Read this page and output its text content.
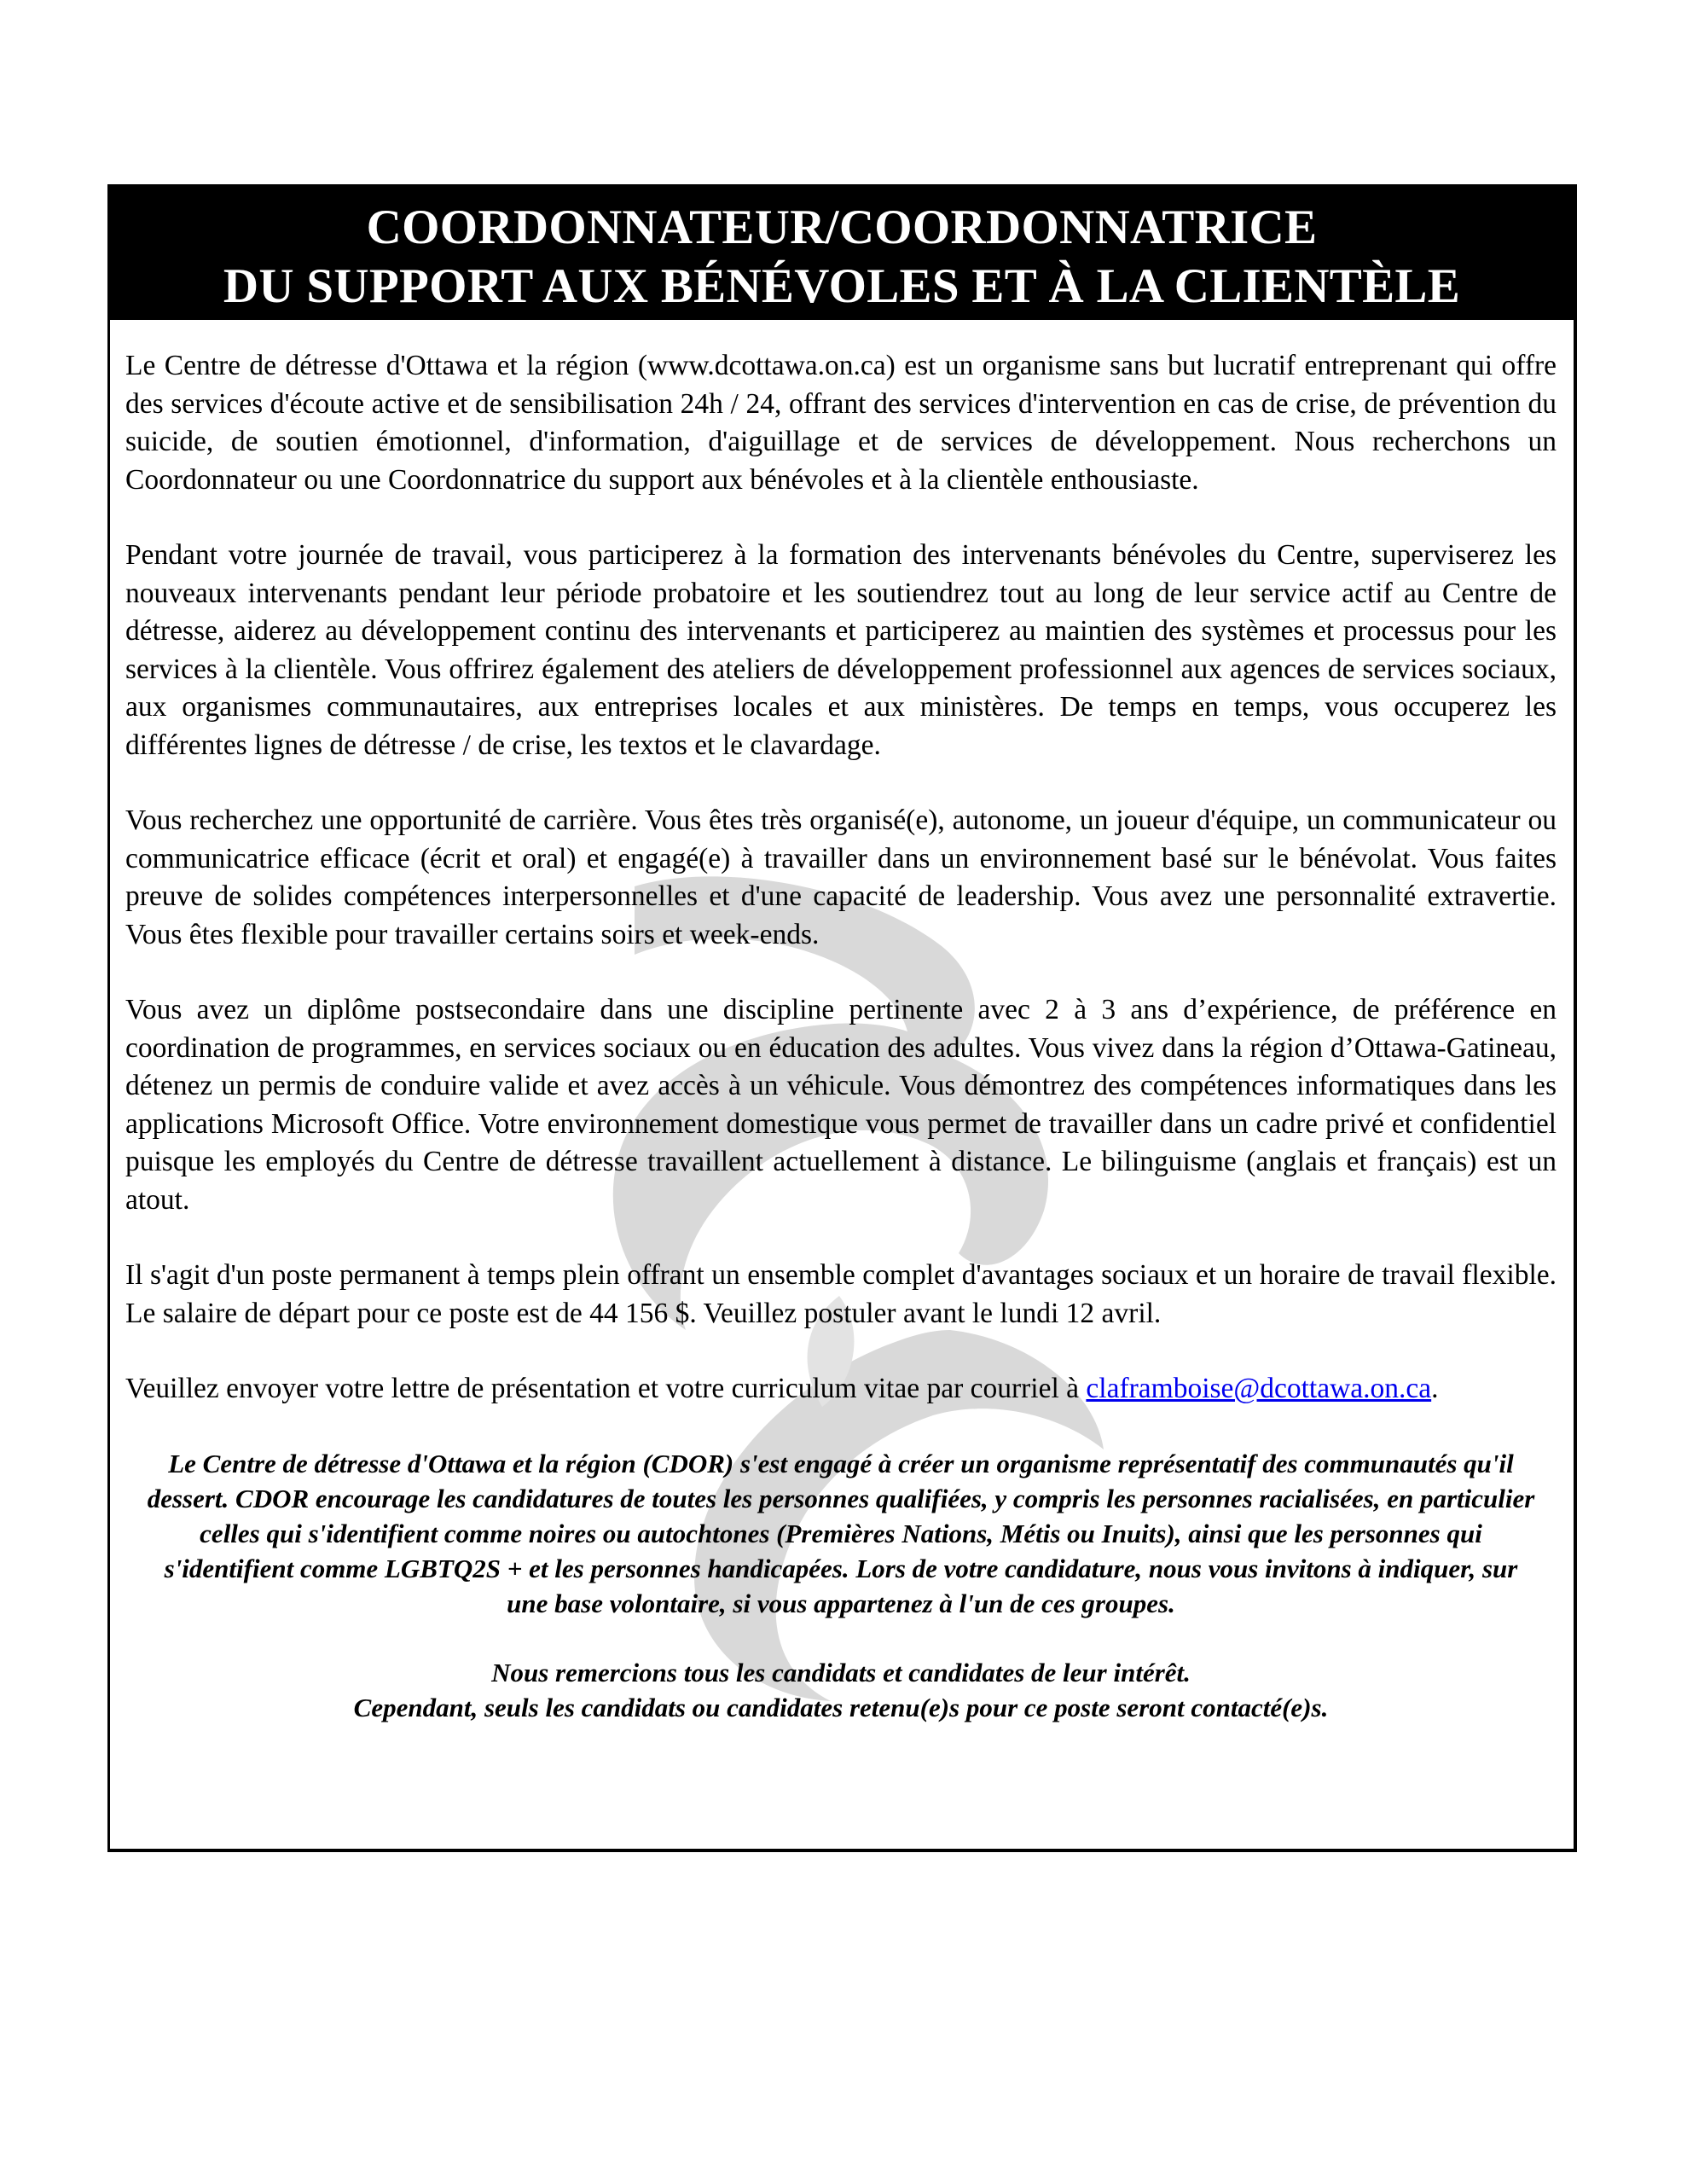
COORDONNATEUR/COORDONNATRICE
DU SUPPORT AUX BÉNÉVOLES ET À LA CLIENTÈLE

Le Centre de détresse d'Ottawa et la région (www.dcottawa.on.ca) est un organisme sans but lucratif entreprenant qui offre des services d'écoute active et de sensibilisation 24h / 24, offrant des services d'intervention en cas de crise, de prévention du suicide, de soutien émotionnel, d'information, d'aiguillage et de services de développement. Nous recherchons un Coordonnateur ou une Coordonnatrice du support aux bénévoles et à la clientèle enthousiaste.

Pendant votre journée de travail, vous participerez à la formation des intervenants bénévoles du Centre, superviserez les nouveaux intervenants pendant leur période probatoire et les soutiendrez tout au long de leur service actif au Centre de détresse, aiderez au développement continu des intervenants et participerez au maintien des systèmes et processus pour les services à la clientèle. Vous offrirez également des ateliers de développement professionnel aux agences de services sociaux, aux organismes communautaires, aux entreprises locales et aux ministères. De temps en temps, vous occuperez les différentes lignes de détresse / de crise, les textos et le clavardage.

Vous recherchez une opportunité de carrière. Vous êtes très organisé(e), autonome, un joueur d'équipe, un communicateur ou communicatrice efficace (écrit et oral) et engagé(e) à travailler dans un environnement basé sur le bénévolat. Vous faites preuve de solides compétences interpersonnelles et d'une capacité de leadership. Vous avez une personnalité extravertie. Vous êtes flexible pour travailler certains soirs et week-ends.

Vous avez un diplôme postsecondaire dans une discipline pertinente avec 2 à 3 ans d’expérience, de préférence en coordination de programmes, en services sociaux ou en éducation des adultes. Vous vivez dans la région d’Ottawa-Gatineau, détenez un permis de conduire valide et avez accès à un véhicule. Vous démontrez des compétences informatiques dans les applications Microsoft Office. Votre environnement domestique vous permet de travailler dans un cadre privé et confidentiel puisque les employés du Centre de détresse travaillent actuellement à distance. Le bilinguisme (anglais et français) est un atout.

Il s'agit d'un poste permanent à temps plein offrant un ensemble complet d'avantages sociaux et un horaire de travail flexible. Le salaire de départ pour ce poste est de 44 156 $. Veuillez postuler avant le lundi 12 avril.

Veuillez envoyer votre lettre de présentation et votre curriculum vitae par courriel à claframboise@dcottawa.on.ca.

Le Centre de détresse d'Ottawa et la région (CDOR) s'est engagé à créer un organisme représentatif des communautés qu'il dessert. CDOR encourage les candidatures de toutes les personnes qualifiées, y compris les personnes racialisées, en particulier celles qui s'identifient comme noires ou autochtones (Premières Nations, Métis ou Inuits), ainsi que les personnes qui s'identifient comme LGBTQ2S + et les personnes handicapées. Lors de votre candidature, nous vous invitons à indiquer, sur une base volontaire, si vous appartenez à l'un de ces groupes.

Nous remercions tous les candidats et candidates de leur intérêt.
Cependant, seuls les candidats ou candidates retenu(e)s pour ce poste seront contacté(e)s.
